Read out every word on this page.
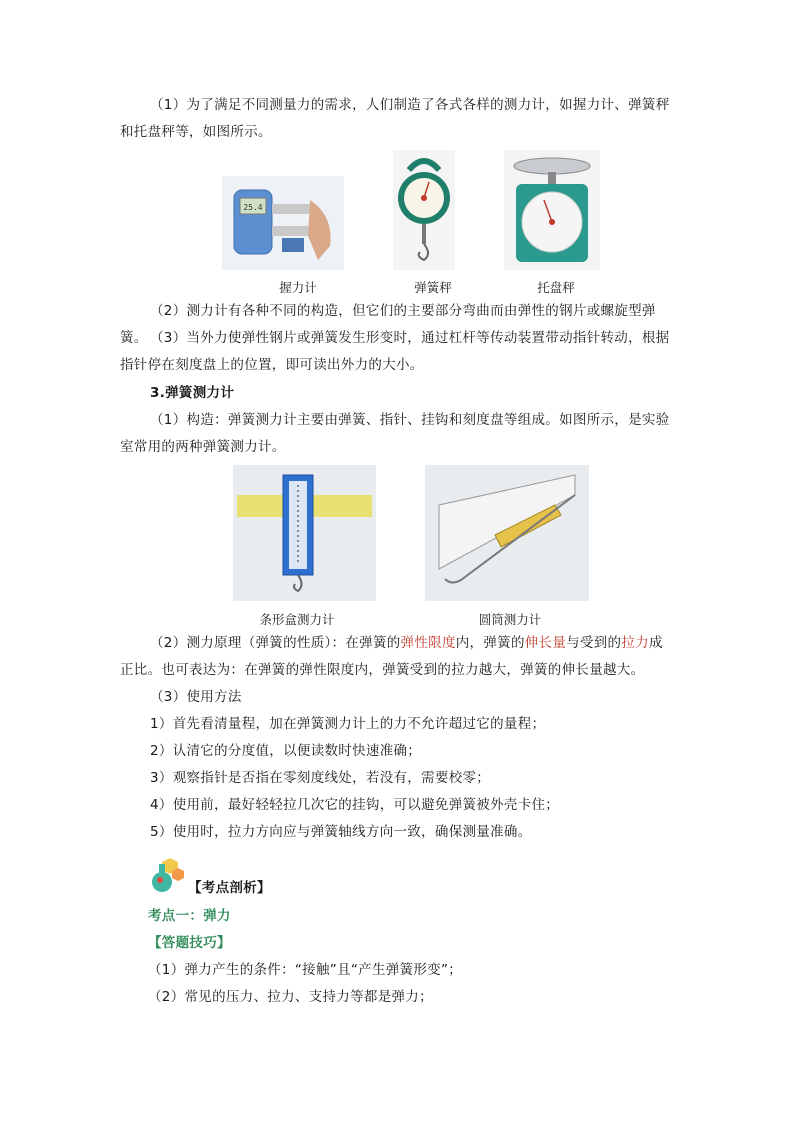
（1）为了满足不同测量力的需求，人们制造了各式各样的测力计，如握力计、弹簧秤

和托盘秤等，如图所示。

25.4
握力计	弹簧秤	托盘秤

（2）测力计有各种不同的构造，但它们的主要部分弯曲而由弹性的钢片或螺旋型弹簧。 （3）当外力使弹性钢片或弹簧发生形变时，通过杠杆等传动装置带动指针转动，根据

指针停在刻度盘上的位置，即可读出外力的大小。

3.弹簧测力计

（1）构造：弹簧测力计主要由弹簧、指针、挂钩和刻度盘等组成。如图所示，是实验

室常用的两种弹簧测力计。

条形盒测力计	圆筒测力计

（2）测力原理（弹簧的性质）：在弹簧的弹性限度内，弹簧的伸长量与受到的拉力成

正比。也可表达为：在弹簧的弹性限度内，弹簧受到的拉力越大，弹簧的伸长量越大。

（3）使用方法

1）首先看清量程，加在弹簧测力计上的力不允许超过它的量程；

2）认清它的分度值，以便读数时快速准确；

3）观察指针是否指在零刻度线处，若没有，需要校零；

4）使用前，最好轻轻拉几次它的挂钩，可以避免弹簧被外壳卡住；

5）使用时，拉力方向应与弹簧轴线方向一致，确保测量准确。

【考点剖析】

考点一：弹力

【答题技巧】

（1）弹力产生的条件：“接触”且“产生弹簧形变”；

（2）常见的压力、拉力、支持力等都是弹力；
